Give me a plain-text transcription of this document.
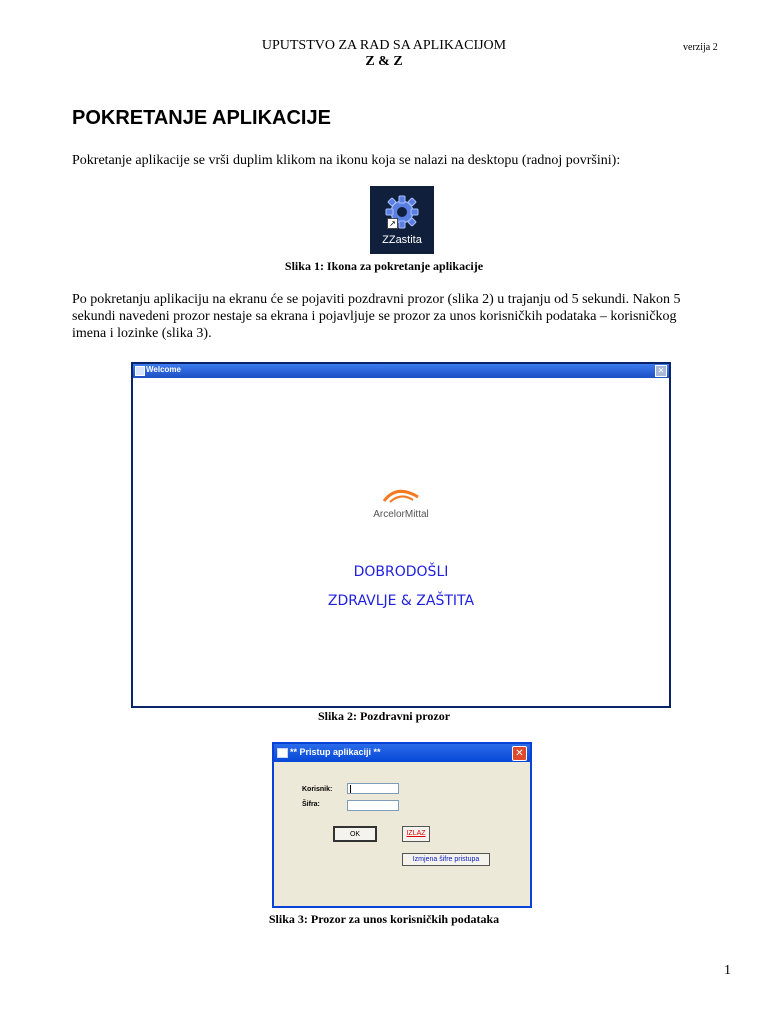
UPUTSTVO ZA RAD SA APLIKACIJOM
Z & Z
verzija 2
POKRETANJE APLIKACIJE
Pokretanje aplikacije se vrši duplim klikom na ikonu koja se nalazi na desktopu (radnoj površini):
↗
ZZastita
Slika 1: Ikona za pokretanje aplikacije
Po pokretanju aplikaciju na ekranu će se pojaviti pozdravni prozor (slika 2) u trajanju od 5 sekundi. Nakon 5
sekundi navedeni prozor nestaje sa ekrana i pojavljuje se prozor za unos korisničkih podataka – korisničkog
imena i lozinke (slika 3).
Welcome	✕
ArcelorMittal
DOBRODOŠLI
ZDRAVLJE & ZAŠTITA
Slika 2: Pozdravni prozor
** Pristup aplikaciji **	✕
Korisnik:
Šifra:
OK	IZLAZ
Izmjena šifre pristupa
Slika 3: Prozor za unos korisničkih podataka
1
